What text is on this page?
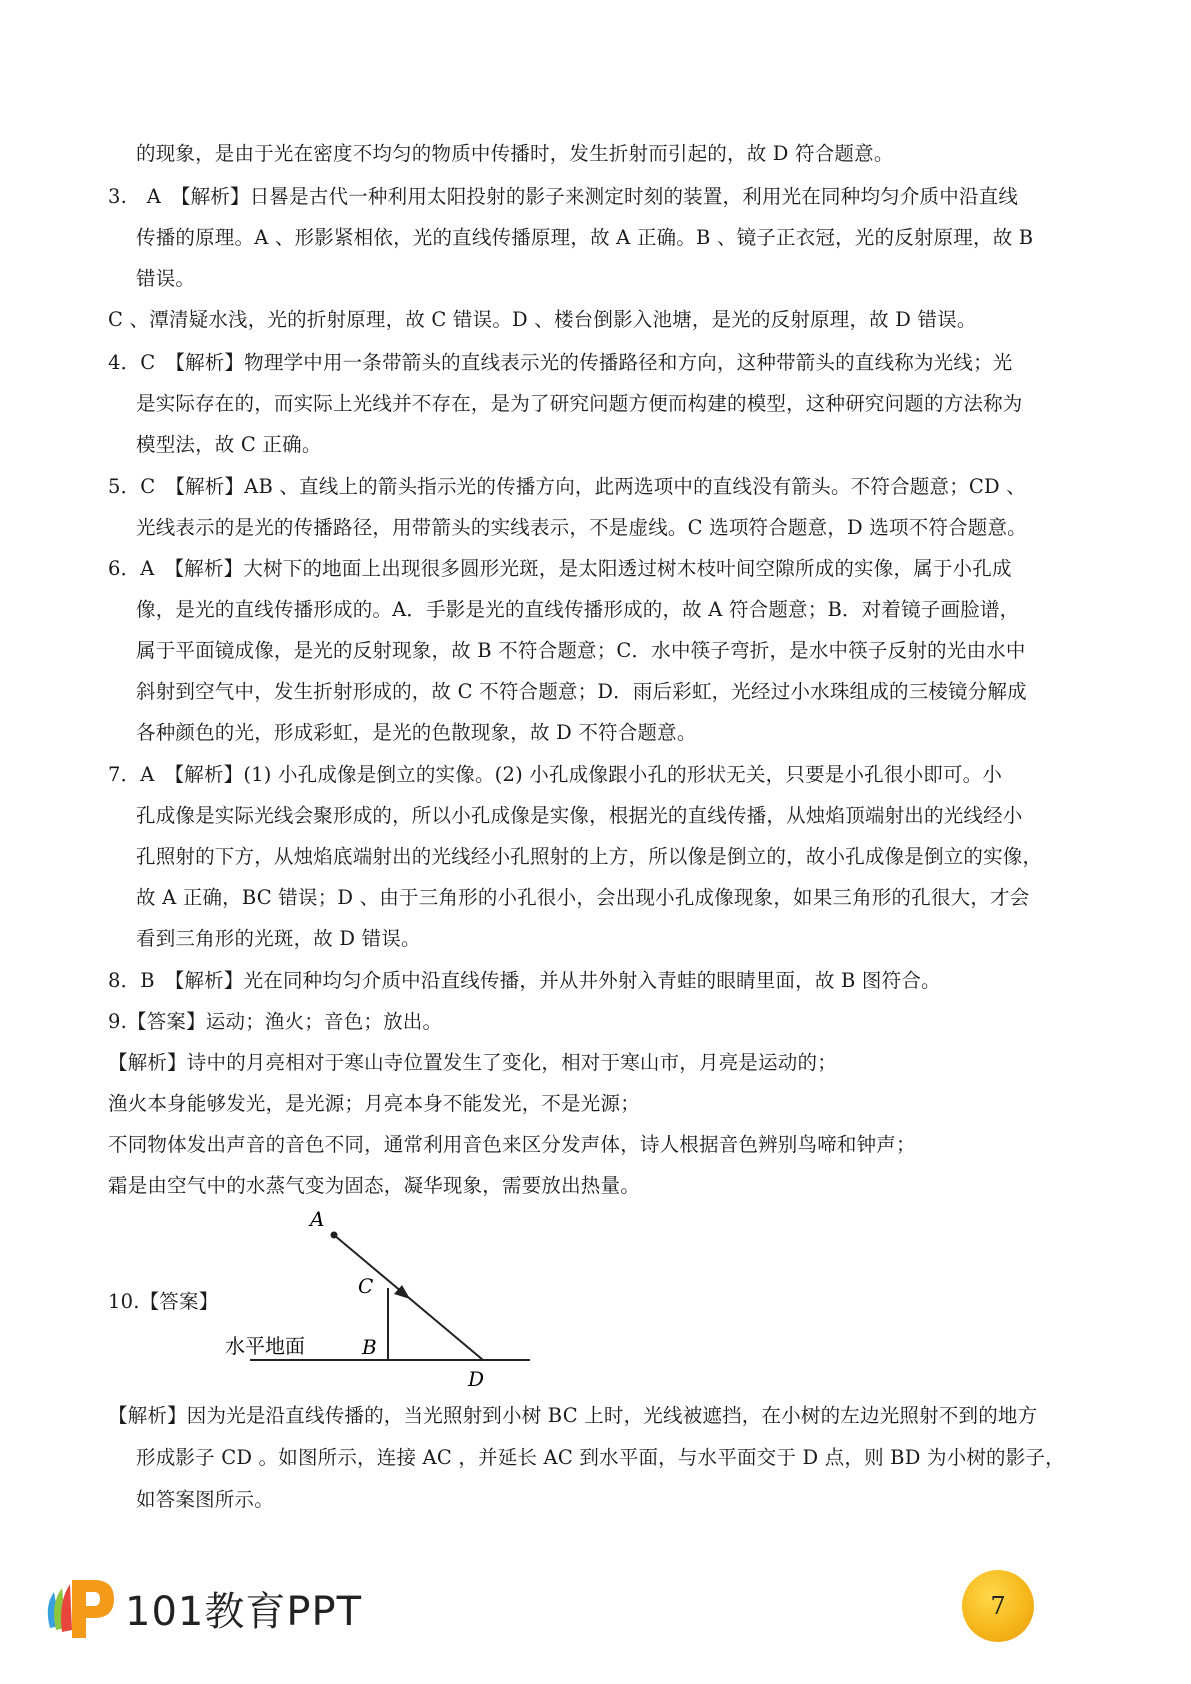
的现象，是由于光在密度不均匀的物质中传播时，发生折射而引起的，故 D 符合题意。
3.　A　【解析】日晷是古代一种利用太阳投射的影子来测定时刻的装置，利用光在同种均匀介质中沿直线
传播的原理。A 、形影紧相依，光的直线传播原理，故 A 正确。B 、镜子正衣冠，光的反射原理，故 B
错误。
C 、潭清疑水浅，光的折射原理，故 C 错误。D 、楼台倒影入池塘，是光的反射原理，故 D 错误。
4．C　【解析】物理学中用一条带箭头的直线表示光的传播路径和方向，这种带箭头的直线称为光线；光
是实际存在的，而实际上光线并不存在，是为了研究问题方便而构建的模型，这种研究问题的方法称为
模型法，故 C 正确。
5．C　【解析】AB 、直线上的箭头指示光的传播方向，此两选项中的直线没有箭头。不符合题意；CD 、
光线表示的是光的传播路径，用带箭头的实线表示，不是虚线。C 选项符合题意，D 选项不符合题意。
6．A　【解析】大树下的地面上出现很多圆形光斑，是太阳透过树木枝叶间空隙所成的实像，属于小孔成
像，是光的直线传播形成的。A．手影是光的直线传播形成的，故 A 符合题意；B．对着镜子画脸谱，
属于平面镜成像，是光的反射现象，故 B 不符合题意；C．水中筷子弯折，是水中筷子反射的光由水中
斜射到空气中，发生折射形成的，故 C 不符合题意；D．雨后彩虹，光经过小水珠组成的三棱镜分解成
各种颜色的光，形成彩虹，是光的色散现象，故 D 不符合题意。
7．A　【解析】(1) 小孔成像是倒立的实像。(2) 小孔成像跟小孔的形状无关，只要是小孔很小即可。小
孔成像是实际光线会聚形成的，所以小孔成像是实像，根据光的直线传播，从烛焰顶端射出的光线经小
孔照射的下方，从烛焰底端射出的光线经小孔照射的上方，所以像是倒立的，故小孔成像是倒立的实像，
故 A 正确，BC 错误；D 、由于三角形的小孔很小，会出现小孔成像现象，如果三角形的孔很大，才会
看到三角形的光斑，故 D 错误。
8．B　【解析】光在同种均匀介质中沿直线传播，并从井外射入青蛙的眼睛里面，故 B 图符合。
9.【答案】运动；渔火；音色；放出。
【解析】诗中的月亮相对于寒山寺位置发生了变化，相对于寒山市，月亮是运动的；
渔火本身能够发光，是光源；月亮本身不能发光，不是光源；
不同物体发出声音的音色不同，通常利用音色来区分发声体，诗人根据音色辨别鸟啼和钟声；
霜是由空气中的水蒸气变为固态，凝华现象，需要放出热量。
10.【答案】
A
C
B
D
水平地面
【解析】因为光是沿直线传播的，当光照射到小树 BC 上时，光线被遮挡，在小树的左边光照射不到的地方
形成影子 CD 。如图所示，连接 AC ，并延长 AC 到水平面，与水平面交于 D 点，则 BD 为小树的影子，
如答案图所示。
101教育PPT	7
